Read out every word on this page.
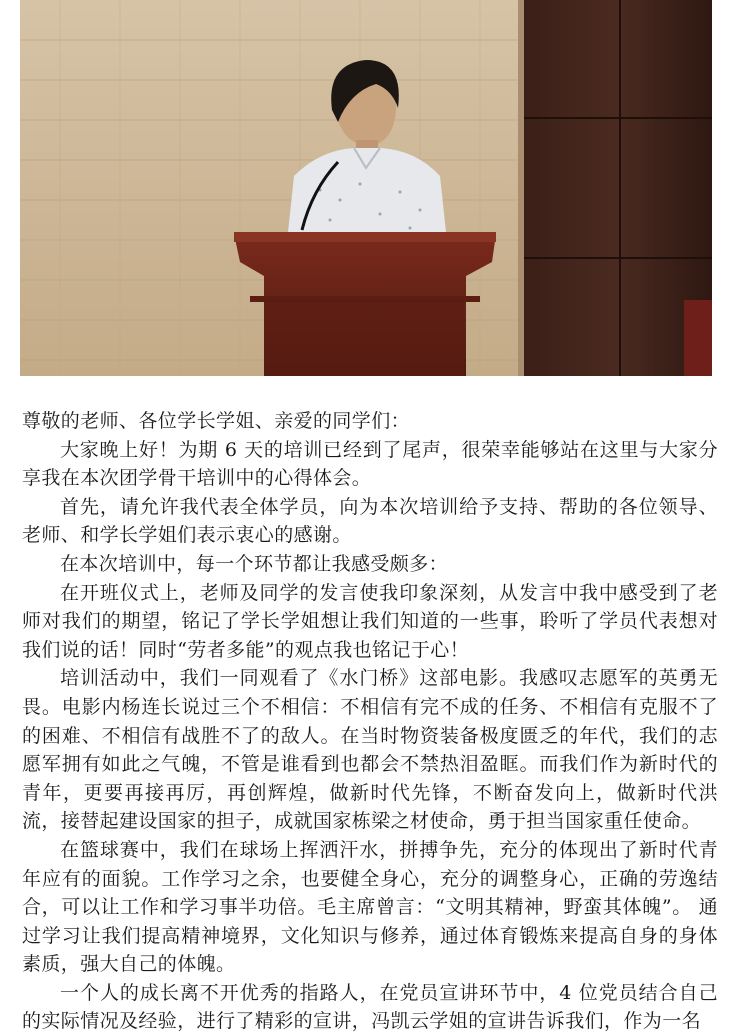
尊敬的老师、各位学长学姐、亲爱的同学们：

大家晚上好！为期 6 天的培训已经到了尾声，很荣幸能够站在这里与大家分享我在本次团学骨干培训中的心得体会。

首先，请允许我代表全体学员，向为本次培训给予支持、帮助的各位领导、老师、和学长学姐们表示衷心的感谢。

在本次培训中，每一个环节都让我感受颇多：

在开班仪式上，老师及同学的发言使我印象深刻，从发言中我中感受到了老师对我们的期望，铭记了学长学姐想让我们知道的一些事，聆听了学员代表想对我们说的话！同时“劳者多能”的观点我也铭记于心！

培训活动中，我们一同观看了《水门桥》这部电影。我感叹志愿军的英勇无畏。电影内杨连长说过三个不相信：不相信有完不成的任务、不相信有克服不了的困难、不相信有战胜不了的敌人。在当时物资装备极度匮乏的年代，我们的志愿军拥有如此之气魄，不管是谁看到也都会不禁热泪盈眶。而我们作为新时代的青年，更要再接再厉，再创辉煌，做新时代先锋，不断奋发向上，做新时代洪流，接替起建设国家的担子，成就国家栋梁之材使命，勇于担当国家重任使命。

在篮球赛中，我们在球场上挥洒汗水，拼搏争先，充分的体现出了新时代青年应有的面貌。工作学习之余，也要健全身心，充分的调整身心，正确的劳逸结合，可以让工作和学习事半功倍。毛主席曾言：“文明其精神，野蛮其体魄”。 通过学习让我们提高精神境界，文化知识与修养，通过体育锻炼来提高自身的身体素质，强大自己的体魄。

一个人的成长离不开优秀的指路人，在党员宣讲环节中，4 位党员结合自己的实际情况及经验，进行了精彩的宣讲，冯凯云学姐的宣讲告诉我们，作为一名
